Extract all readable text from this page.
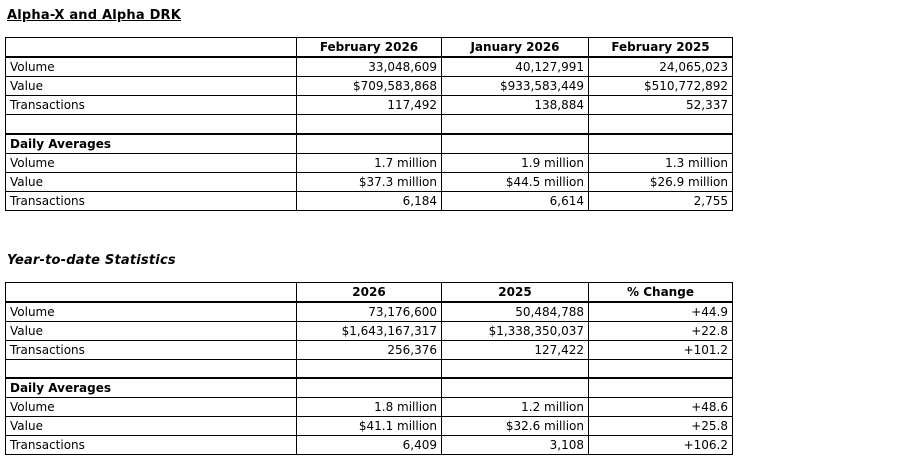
Alpha-X and Alpha DRK
	February 2026	January 2026	February 2025
Volume	33,048,609	40,127,991	24,065,023
Value	$709,583,868	$933,583,449	$510,772,892
Transactions	117,492	138,884	52,337

Daily Averages			
Volume	1.7 million	1.9 million	1.3 million
Value	$37.3 million	$44.5 million	$26.9 million
Transactions	6,184	6,614	2,755
Year-to-date Statistics
	2026	2025	% Change
Volume	73,176,600	50,484,788	+44.9
Value	$1,643,167,317	$1,338,350,037	+22.8
Transactions	256,376	127,422	+101.2

Daily Averages			
Volume	1.8 million	1.2 million	+48.6
Value	$41.1 million	$32.6 million	+25.8
Transactions	6,409	3,108	+106.2
